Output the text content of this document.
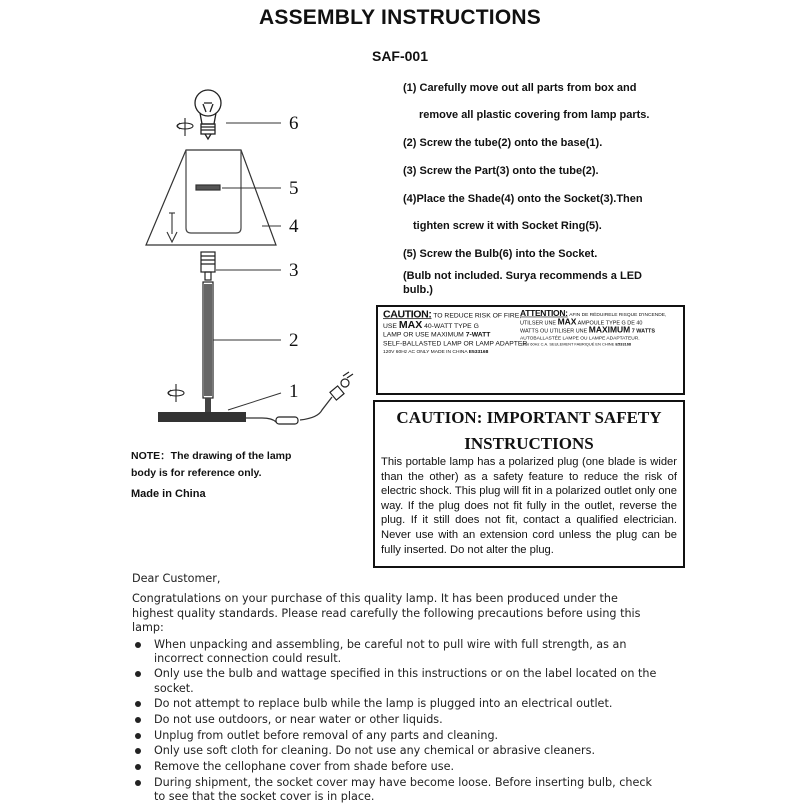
ASSEMBLY INSTRUCTIONS
SAF-001
(1) Carefully move out all parts from box and
remove all plastic covering from lamp parts.
(2) Screw the tube(2) onto the base(1).
(3) Screw the Part(3) onto the tube(2).
(4)Place the Shade(4) onto the Socket(3).Then
tighten screw it with Socket Ring(5).
(5) Screw the Bulb(6) into the Socket.
(Bulb not included. Surya recommends a LED
bulb.)
6
5
4
3
2
1
NOTE：The drawing of the lamp
body is for reference only.
Made in China
CAUTION: TO REDUCE RISK OF FIRE,
USE MAX 40-WATT TYPE G
LAMP OR USE MAXIMUM 7-WATT
SELF-BALLASTED LAMP OR LAMP ADAPTER.
120V 60Hz AC ONLY MADE IN CHINA E533168
ATTENTION: AFIN DE RÉDUIRELE RISQUE D'INCENDE,
UTILSER UNE MAX AMPOULE TYPE G DE 40
WATTS OU UTILISER UNE MAXIMUM 7 WATTS
AUTOBALLASTÉE LAMPE OU LAMPE ADAPTATEUR.
120V 60Hz C.A. SEULEMENT FABRIQUÉ EN CHINE E533168
CAUTION: IMPORTANT SAFETY
INSTRUCTIONS
This portable lamp has a polarized plug (one blade is wider than the other) as a safety feature to reduce the risk of electric shock. This plug will fit in a polarized outlet only one way. If the plug does not fit fully in the outlet, reverse the plug. If it still does not fit, contact a qualified electrician. Never use with an extension cord unless the plug can be fully inserted. Do not alter the plug.
Dear Customer,
Congratulations on your purchase of this quality lamp. It has been produced under the highest quality standards. Please read carefully the following precautions before using this lamp:
When unpacking and assembling, be careful not to pull wire with full strength, as an incorrect connection could result.
Only use the bulb and wattage specified in this instructions or on the label located on the socket.
Do not attempt to replace bulb while the lamp is plugged into an electrical outlet.
Do not use outdoors, or near water or other liquids.
Unplug from outlet before removal of any parts and cleaning.
Only use soft cloth for cleaning. Do not use any chemical or abrasive cleaners.
Remove the cellophane cover from shade before use.
During shipment, the socket cover may have become loose. Before inserting bulb, check to see that the socket cover is in place.
